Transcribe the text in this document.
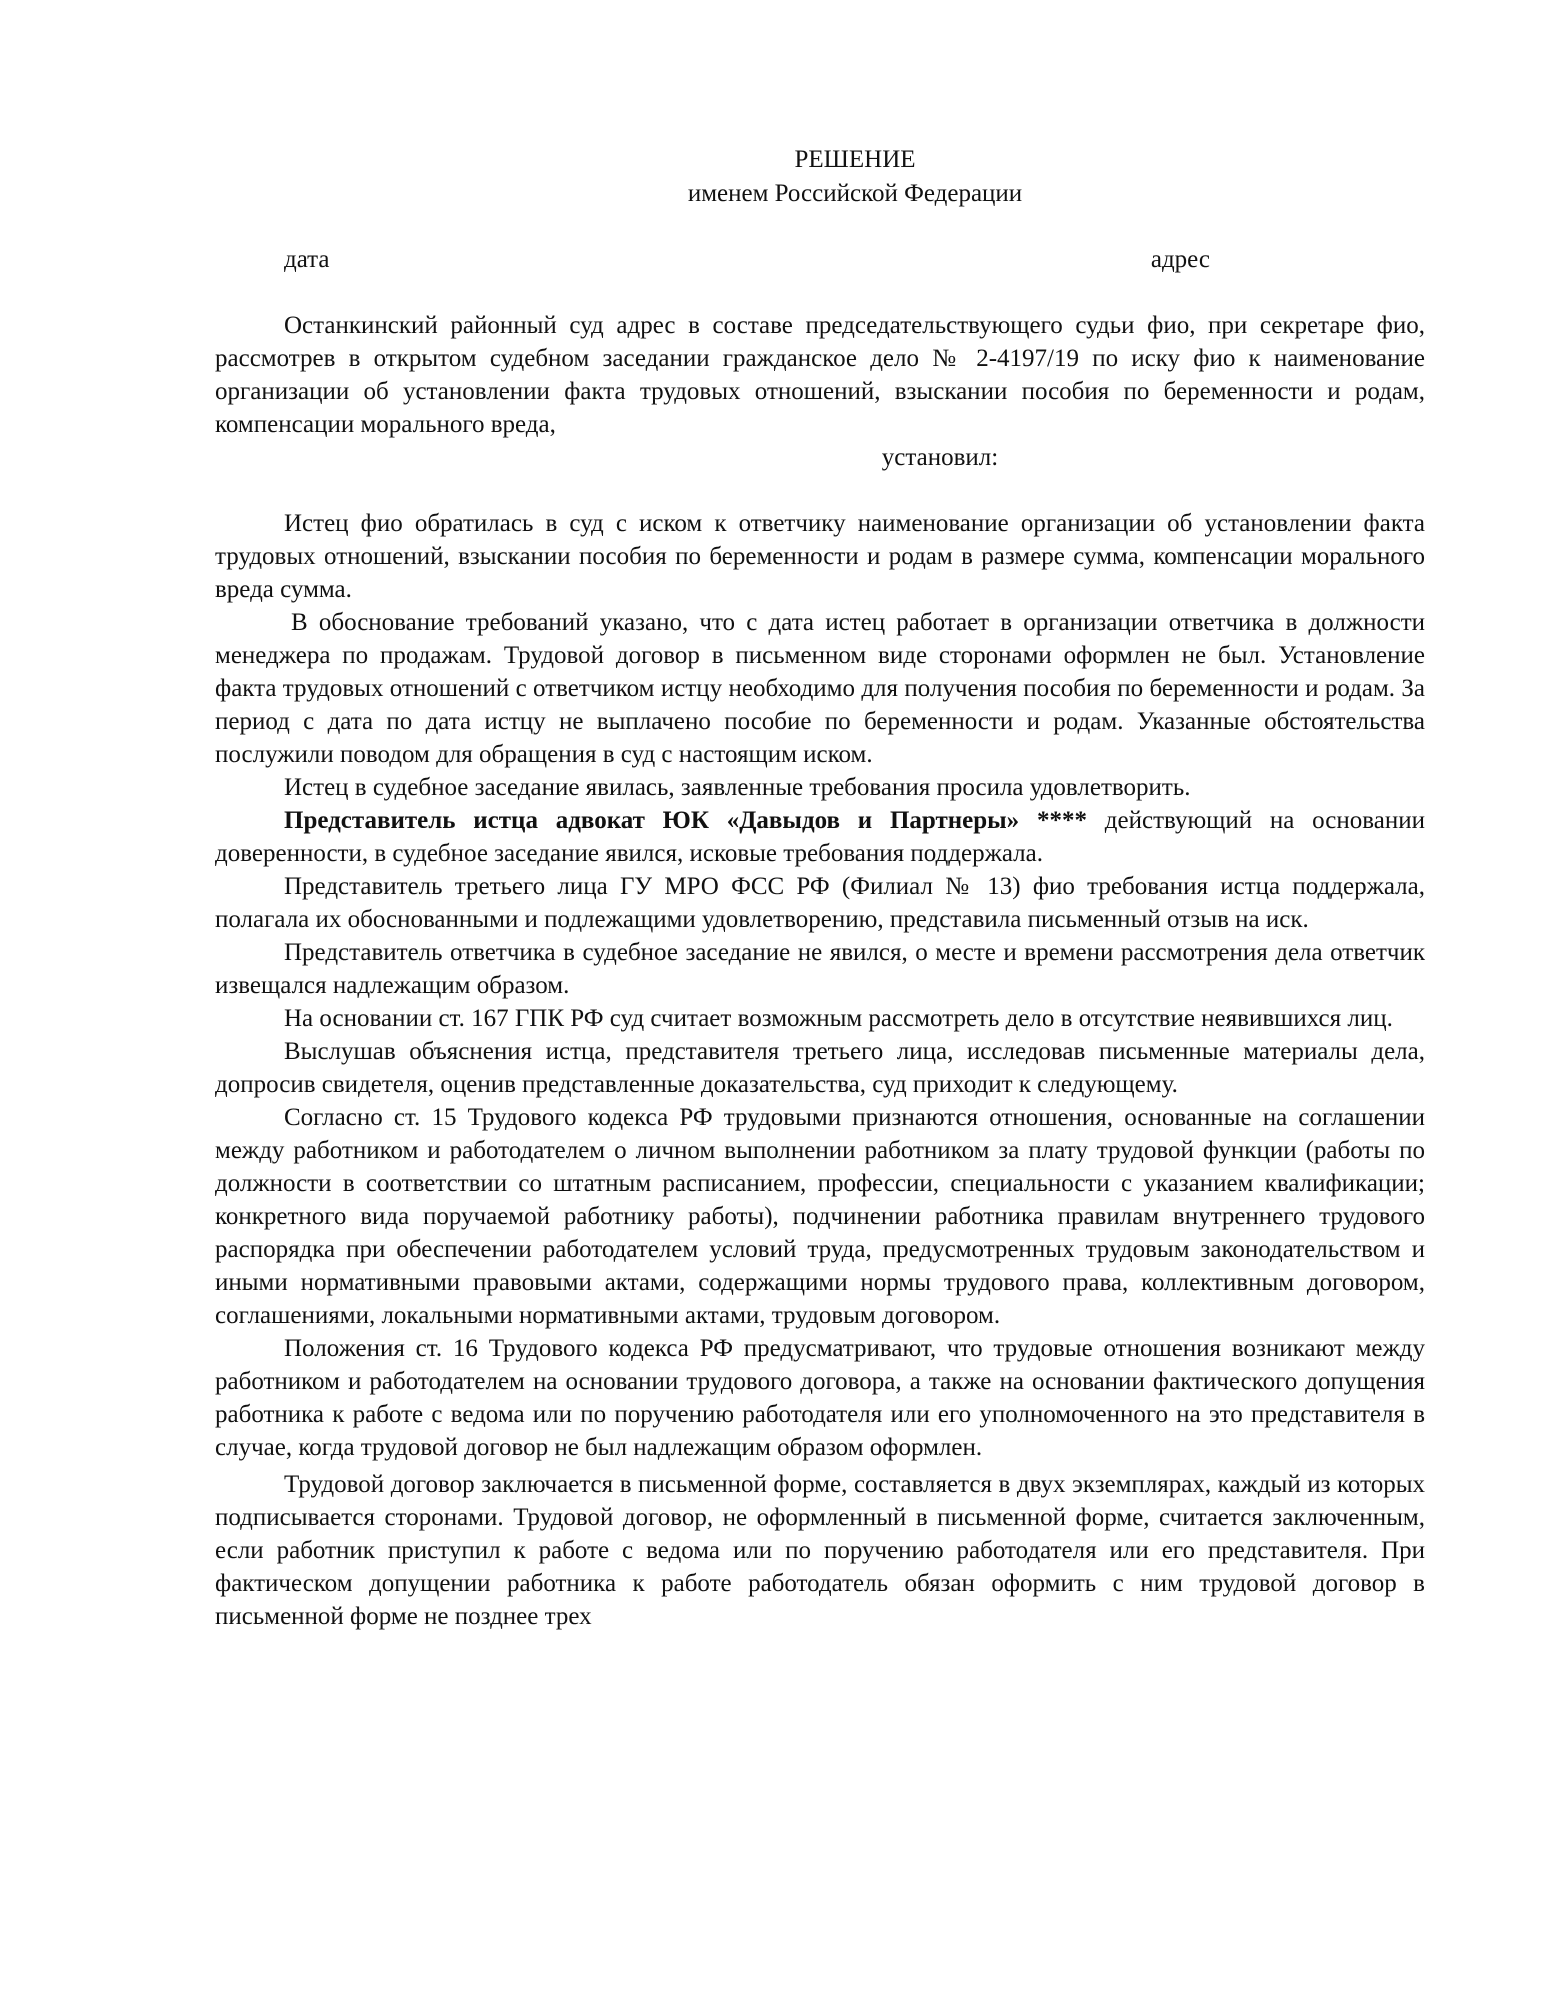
РЕШЕНИЕ
именем Российской Федерации
дата	адрес

Останкинский районный суд адрес в составе председательствующего судьи фио, при секретаре фио, рассмотрев в открытом судебном заседании гражданское дело № 2-4197/19 по иску фио к наименование организации об установлении факта трудовых отношений, взыскании пособия по беременности и родам, компенсации морального вреда,

установил:

Истец фио обратилась в суд с иском к ответчику наименование организации об установлении факта трудовых отношений, взыскании пособия по беременности и родам в размере сумма, компенсации морального вреда сумма.

В обоснование требований указано, что с дата истец работает в организации ответчика в должности менеджера по продажам. Трудовой договор в письменном виде сторонами оформлен не был. Установление факта трудовых отношений с ответчиком истцу необходимо для получения пособия по беременности и родам. За период с дата по дата истцу не выплачено пособие по беременности и родам. Указанные обстоятельства послужили поводом для обращения в суд с настоящим иском.

Истец в судебное заседание явилась, заявленные требования просила удовлетворить.

Представитель истца адвокат ЮК «Давыдов и Партнеры» **** действующий на основании доверенности, в судебное заседание явился, исковые требования поддержала.

Представитель третьего лица ГУ МРО ФСС РФ (Филиал № 13) фио требования истца поддержала, полагала их обоснованными и подлежащими удовлетворению, представила письменный отзыв на иск.

Представитель ответчика в судебное заседание не явился, о месте и времени рассмотрения дела ответчик извещался надлежащим образом.

На основании ст. 167 ГПК РФ суд считает возможным рассмотреть дело в отсутствие неявившихся лиц.

Выслушав объяснения истца, представителя третьего лица, исследовав письменные материалы дела, допросив свидетеля, оценив представленные доказательства, суд приходит к следующему.

Согласно ст. 15 Трудового кодекса РФ трудовыми признаются отношения, основанные на соглашении между работником и работодателем о личном выполнении работником за плату трудовой функции (работы по должности в соответствии со штатным расписанием, профессии, специальности с указанием квалификации; конкретного вида поручаемой работнику работы), подчинении работника правилам внутреннего трудового распорядка при обеспечении работодателем условий труда, предусмотренных трудовым законодательством и иными нормативными правовыми актами, содержащими нормы трудового права, коллективным договором, соглашениями, локальными нормативными актами, трудовым договором.

Положения ст. 16 Трудового кодекса РФ предусматривают, что трудовые отношения возникают между работником и работодателем на основании трудового договора, а также на основании фактического допущения работника к работе с ведома или по поручению работодателя или его уполномоченного на это представителя в случае, когда трудовой договор не был надлежащим образом оформлен.

Трудовой договор заключается в письменной форме, составляется в двух экземплярах, каждый из которых подписывается сторонами. Трудовой договор, не оформленный в письменной форме, считается заключенным, если работник приступил к работе с ведома или по поручению работодателя или его представителя. При фактическом допущении работника к работе работодатель обязан оформить с ним трудовой договор в письменной форме не позднее трех
